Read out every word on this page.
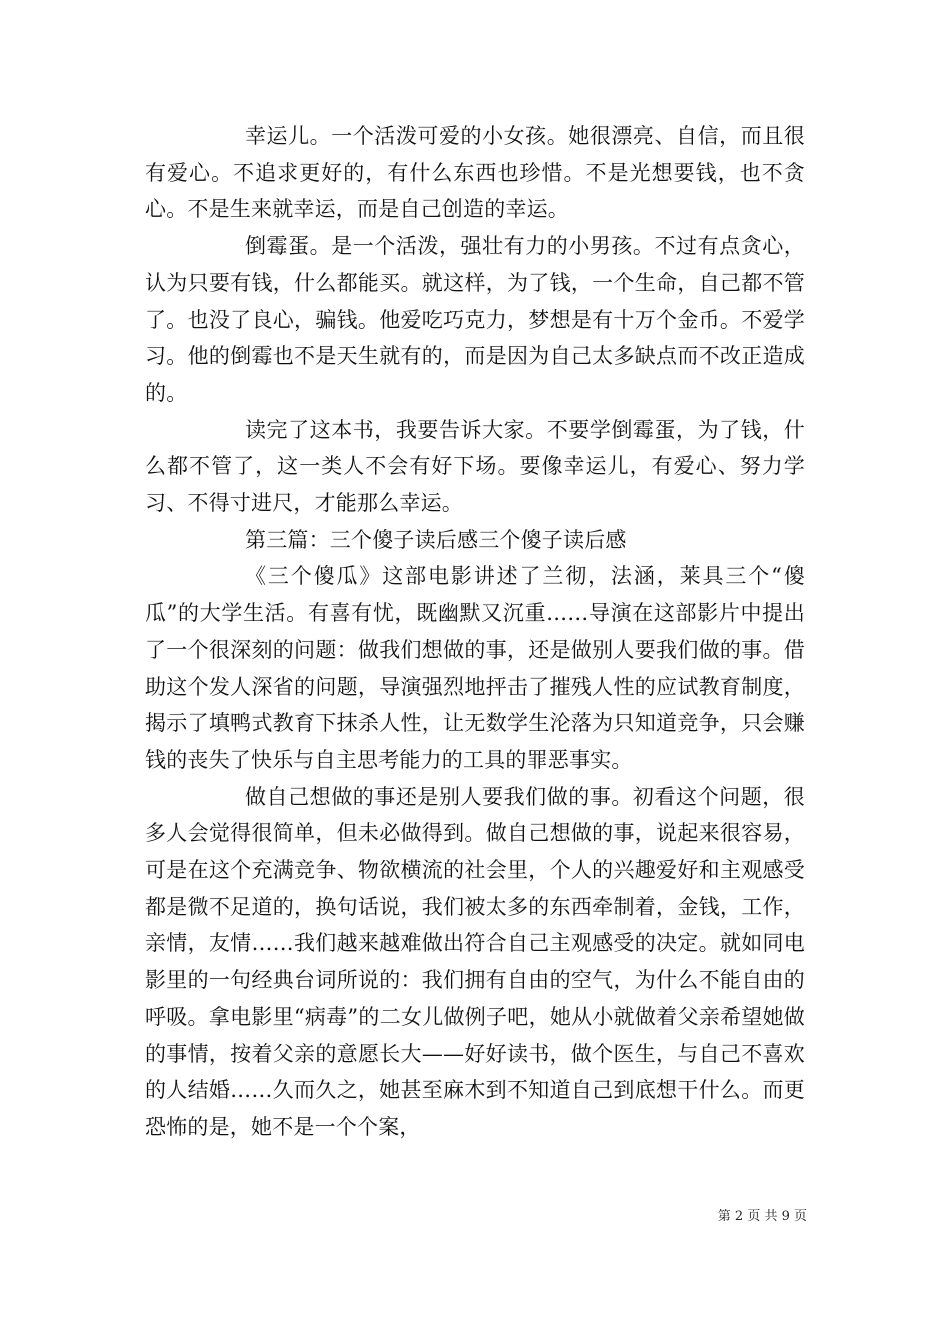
幸运儿。一个活泼可爱的小女孩。她很漂亮、自信，而且很有爱心。不追求更好的，有什么东西也珍惜。不是光想要钱，也不贪心。不是生来就幸运，而是自己创造的幸运。

倒霉蛋。是一个活泼，强壮有力的小男孩。不过有点贪心，认为只要有钱，什么都能买。就这样，为了钱，一个生命，自己都不管了。也没了良心，骗钱。他爱吃巧克力，梦想是有十万个金币。不爱学习。他的倒霉也不是天生就有的，而是因为自己太多缺点而不改正造成的。

读完了这本书，我要告诉大家。不要学倒霉蛋，为了钱，什么都不管了，这一类人不会有好下场。要像幸运儿，有爱心、努力学习、不得寸进尺，才能那么幸运。

第三篇：三个傻子读后感三个傻子读后感

《三个傻瓜》这部电影讲述了兰彻，法涵，莱具三个“傻瓜”的大学生活。有喜有忧，既幽默又沉重……导演在这部影片中提出了一个很深刻的问题：做我们想做的事，还是做别人要我们做的事。借助这个发人深省的问题，导演强烈地抨击了摧残人性的应试教育制度，揭示了填鸭式教育下抹杀人性，让无数学生沦落为只知道竞争，只会赚钱的丧失了快乐与自主思考能力的工具的罪恶事实。

做自己想做的事还是别人要我们做的事。初看这个问题，很多人会觉得很简单，但未必做得到。做自己想做的事，说起来很容易，可是在这个充满竞争、物欲横流的社会里，个人的兴趣爱好和主观感受都是微不足道的，换句话说，我们被太多的东西牵制着，金钱，工作，亲情，友情……我们越来越难做出符合自己主观感受的决定。就如同电影里的一句经典台词所说的：我们拥有自由的空气，为什么不能自由的呼吸。拿电影里“病毒”的二女儿做例子吧，她从小就做着父亲希望她做的事情，按着父亲的意愿长大——好好读书，做个医生，与自己不喜欢的人结婚……久而久之，她甚至麻木到不知道自己到底想干什么。而更恐怖的是，她不是一个个案，

第 2 页 共 9 页
